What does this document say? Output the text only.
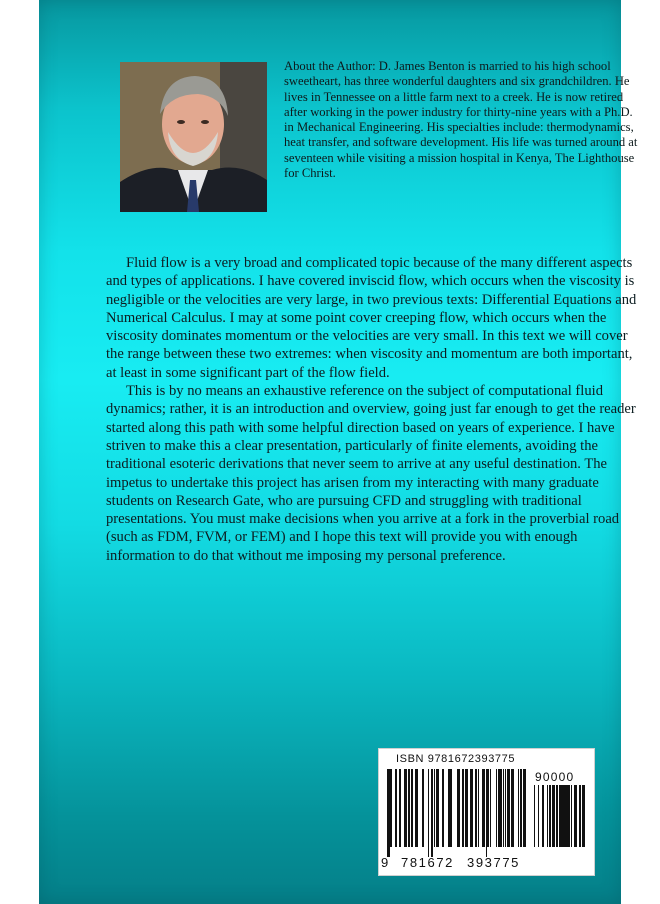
About the Author: D. James Benton is married to his high school sweetheart, has three wonderful daughters and six grandchildren. He lives in Tennessee on a little farm next to a creek. He is now retired after working in the power industry for thirty-nine years with a Ph.D. in Mechanical Engineering. His specialties include: thermodynamics, heat transfer, and software development. His life was turned around at seventeen while visiting a mission hospital in Kenya, The Lighthouse for Christ.

Fluid flow is a very broad and complicated topic because of the many different aspects and types of applications. I have covered inviscid flow, which occurs when the viscosity is negligible or the velocities are very large, in two previous texts: Differential Equations and Numerical Calculus. I may at some point cover creeping flow, which occurs when the viscosity dominates momentum or the velocities are very small. In this text we will cover the range between these two extremes: when viscosity and momentum are both important, at least in some significant part of the flow field.

This is by no means an exhaustive reference on the subject of computational fluid dynamics; rather, it is an introduction and overview, going just far enough to get the reader started along this path with some helpful direction based on years of experience. I have striven to make this a clear presentation, particularly of finite elements, avoiding the traditional esoteric derivations that never seem to arrive at any useful destination. The impetus to undertake this project has arisen from my interacting with many graduate students on Research Gate, who are pursuing CFD and struggling with traditional presentations. You must make decisions when you arrive at a fork in the proverbial road (such as FDM, FVM, or FEM) and I hope this text will provide you with enough information to do that without me imposing my personal preference.

ISBN 9781672393775
90000
9 781672 393775
